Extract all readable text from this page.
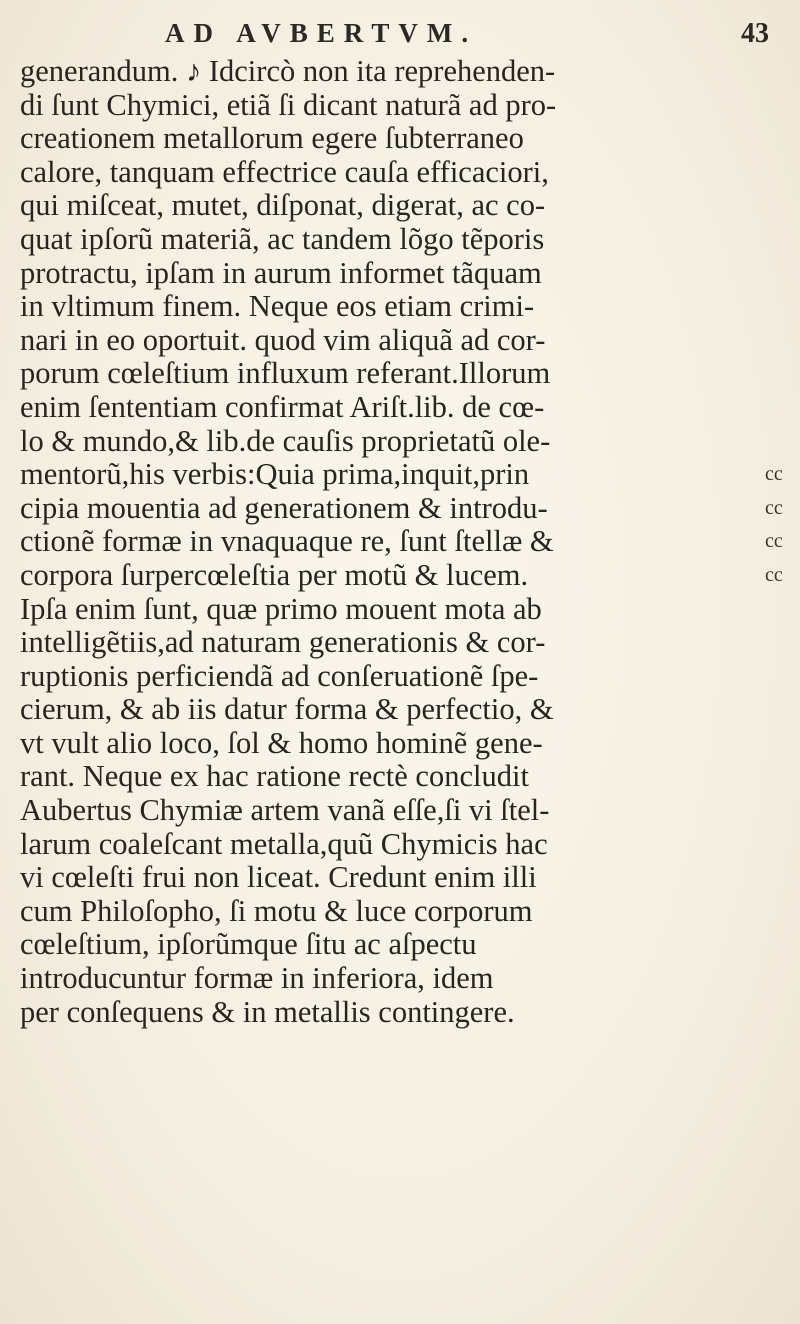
AD AVBERTVM.	43
generandum. ♪ Idcircò non ita reprehenden-
di ſunt Chymici, etiã ſi dicant naturã ad pro-
creationem metallorum egere ſubterraneo
calore, tanquam effectrice cauſa efficaciori,
qui miſceat, mutet, diſponat, digerat, ac co-
quat ipſorũ materiã, ac tandem lõgo tẽporis
protractu, ipſam in aurum informet tãquam
in vltimum finem. Neque eos etiam crimi-
nari in eo oportuit. quod vim aliquã ad cor-
porum cœleſtium influxum referant.Illorum
enim ſententiam confirmat Ariſt.lib. de cœ-
lo & mundo,& lib.de cauſis proprietatũ ole-
mentorũ,his verbis:Quia prima,inquit,prin	cc
cipia mouentia ad generationem & introdu-	cc
ctionẽ formæ in vnaquaque re, ſunt ſtellæ &	cc
corpora ſurpercœleſtia per motũ & lucem.	cc
Ipſa enim ſunt, quæ primo mouent mota ab
intelligẽtiis,ad naturam generationis & cor-
ruptionis perficiendã ad conſeruationẽ ſpe-
cierum, & ab iis datur forma & perfectio, &
vt vult alio loco, ſol & homo hominẽ gene-
rant. Neque ex hac ratione rectè concludit
Aubertus Chymiæ artem vanã eſſe,ſi vi ſtel-
larum coaleſcant metalla,quũ Chymicis hac
vi cœleſti frui non liceat. Credunt enim illi
cum Philoſopho, ſi motu & luce corporum
cœleſtium, ipſorũmque ſitu ac aſpectu
introducuntur formæ in inferiora, idem
per conſequens & in metallis contingere.
